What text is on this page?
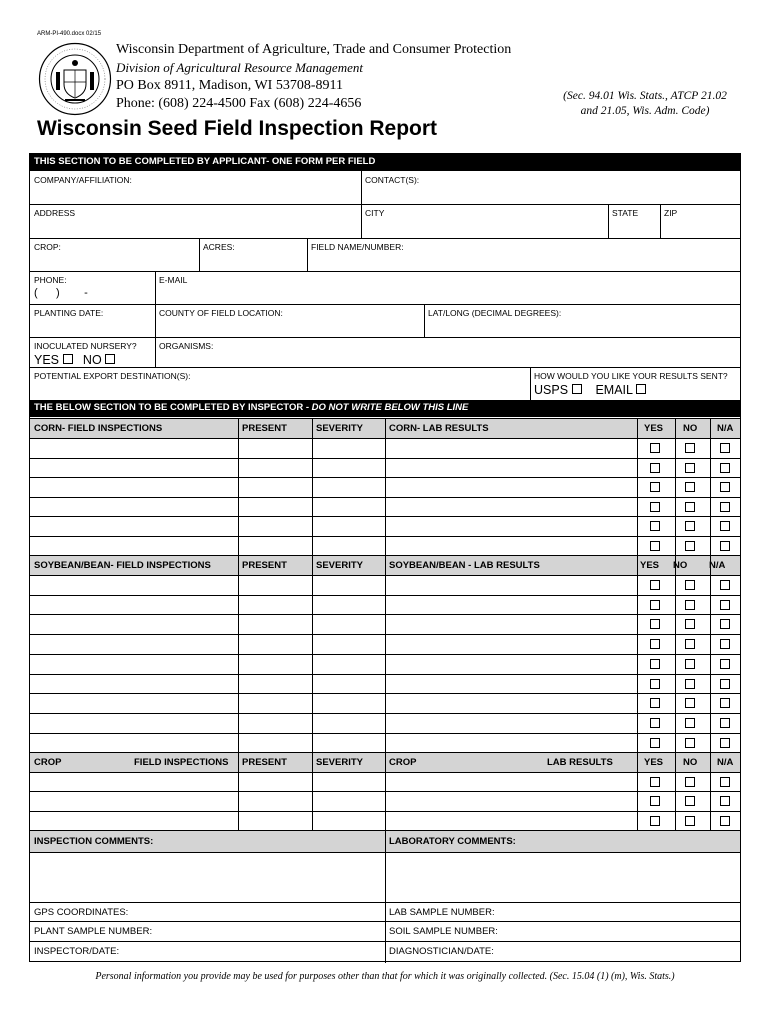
ARM-PI-490.docx 02/15
Wisconsin Department of Agriculture, Trade and Consumer Protection
Division of Agricultural Resource Management
PO Box 8911, Madison, WI 53708-8911
Phone: (608) 224-4500 Fax (608) 224-4656	(Sec. 94.01 Wis. Stats., ATCP 21.02
and 21.05, Wis. Adm. Code)
Wisconsin Seed Field Inspection Report
THIS SECTION TO BE COMPLETED BY APPLICANT- ONE FORM PER FIELD
COMPANY/AFFILIATION:	CONTACT(S):
ADDRESS	CITY	STATE	ZIP
CROP:	ACRES:	FIELD NAME/NUMBER:
PHONE:
(      )        -
E-MAIL
PLANTING DATE:	COUNTY OF FIELD LOCATION:	LAT/LONG (DECIMAL DEGREES):
INOCULATED NURSERY?
YES NO
ORGANISMS:
POTENTIAL EXPORT DESTINATION(S):	HOW WOULD YOU LIKE YOUR RESULTS SENT?
USPS EMAIL
THE BELOW SECTION TO BE COMPLETED BY INSPECTOR - DO NOT WRITE BELOW THIS LINE
CORN- FIELD INSPECTIONS	PRESENT	SEVERITY	CORN- LAB RESULTS	YES NO N/A
SOYBEAN/BEAN- FIELD INSPECTIONS	PRESENT	SEVERITY	SOYBEAN/BEAN - LAB RESULTS	YES NO N/A
CROP	FIELD INSPECTIONS PRESENT	SEVERITY	CROP	LAB RESULTS	YES NO N/A
INSPECTION COMMENTS:	LABORATORY COMMENTS:
GPS COORDINATES:	LAB SAMPLE NUMBER:
PLANT SAMPLE NUMBER:	SOIL SAMPLE NUMBER:
INSPECTOR/DATE:	DIAGNOSTICIAN/DATE:
Personal information you provide may be used for purposes other than that for which it was originally collected. (Sec. 15.04 (1) (m), Wis. Stats.)
